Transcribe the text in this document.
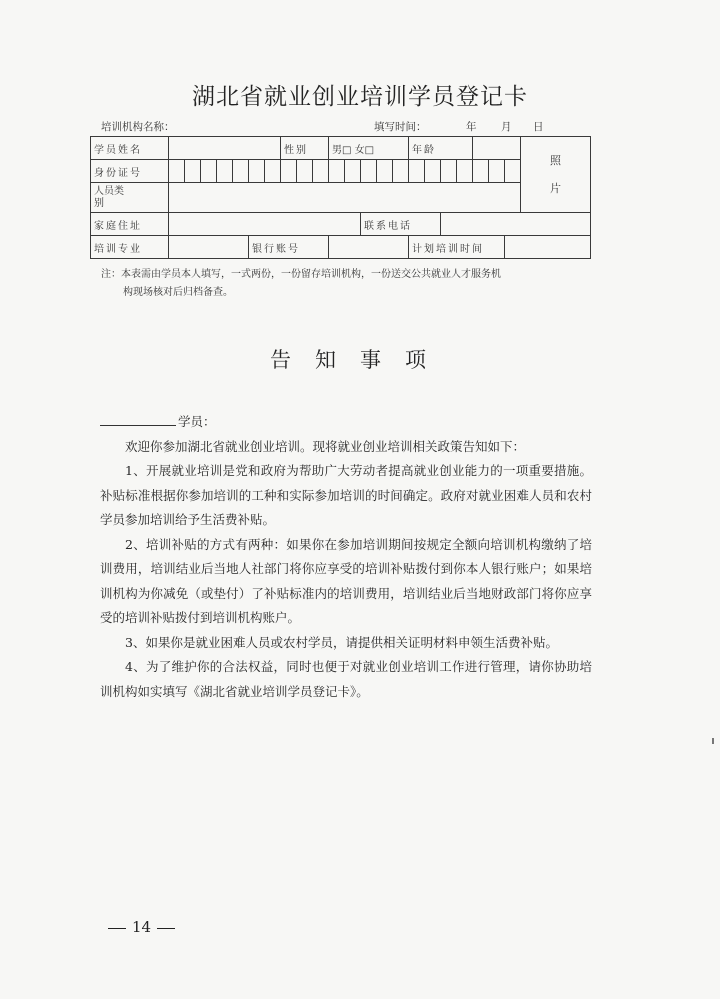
湖北省就业创业培训学员登记卡
培训机构名称：	填写时间：	年 月 日
学员姓名								性别			男□ 女□					年龄							照
片

身份证号																							
人员类别																							
家庭住址													联系电话										
培训专业						银行账号										计划培训时间							
注：本表需由学员本人填写，一式两份，一份留存培训机构，一份送交公共就业人才服务机
构现场核对后归档备查。
告知事项

学员：

欢迎你参加湖北省就业创业培训。现将就业创业培训相关政策告知如下：

1、开展就业培训是党和政府为帮助广大劳动者提高就业创业能力的一项重要措施。补贴标准根据你参加培训的工种和实际参加培训的时间确定。政府对就业困难人员和农村学员参加培训给予生活费补贴。

2、培训补贴的方式有两种：如果你在参加培训期间按规定全额向培训机构缴纳了培训费用，培训结业后当地人社部门将你应享受的培训补贴拨付到你本人银行账户；如果培训机构为你减免（或垫付）了补贴标准内的培训费用，培训结业后当地财政部门将你应享受的培训补贴拨付到培训机构账户。

3、如果你是就业困难人员或农村学员，请提供相关证明材料申领生活费补贴。

4、为了维护你的合法权益，同时也便于对就业创业培训工作进行管理，请你协助培训机构如实填写《湖北省就业培训学员登记卡》。

14
